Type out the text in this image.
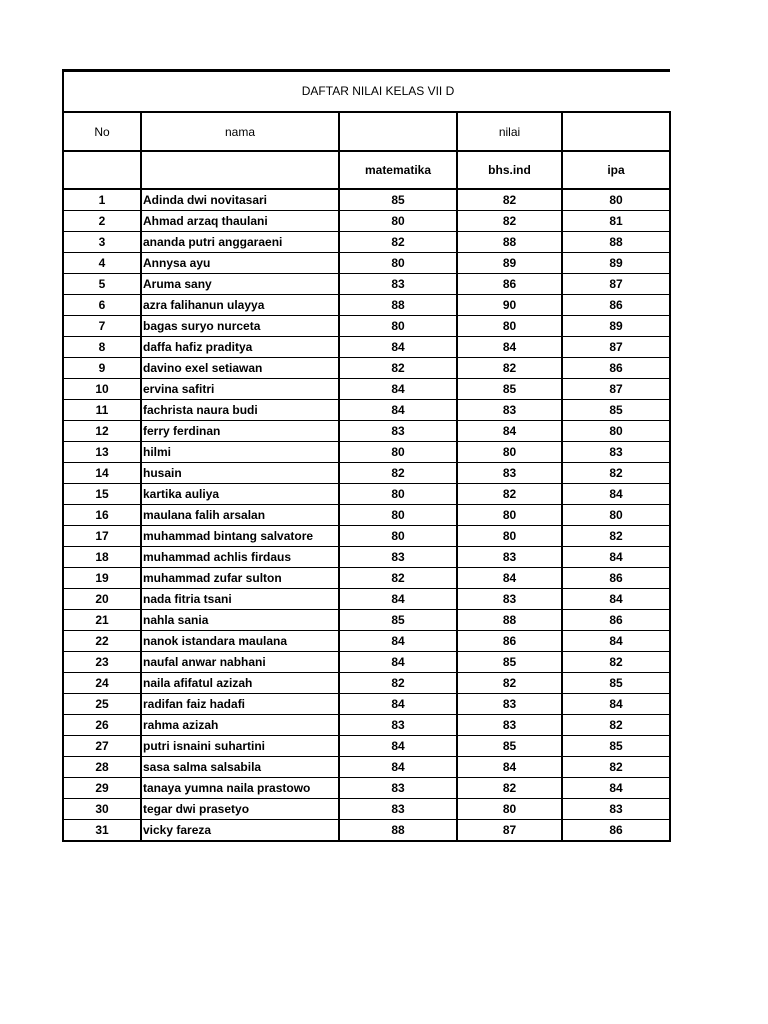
DAFTAR NILAI KELAS VII D				
No	nama		nilai	
		matematika	bhs.ind	ipa
1	Adinda dwi novitasari	85	82	80
2	Ahmad arzaq thaulani	80	82	81
3	ananda putri anggaraeni	82	88	88
4	Annysa ayu	80	89	89
5	Aruma sany	83	86	87
6	azra falihanun ulayya	88	90	86
7	bagas suryo nurceta	80	80	89
8	daffa hafiz praditya	84	84	87
9	davino exel setiawan	82	82	86
10	ervina safitri	84	85	87
11	fachrista naura budi	84	83	85
12	ferry ferdinan	83	84	80
13	hilmi	80	80	83
14	husain	82	83	82
15	kartika auliya	80	82	84
16	maulana falih arsalan	80	80	80
17	muhammad bintang salvatore	80	80	82
18	muhammad achlis firdaus	83	83	84
19	muhammad zufar sulton	82	84	86
20	nada fitria tsani	84	83	84
21	nahla sania	85	88	86
22	nanok istandara maulana	84	86	84
23	naufal anwar nabhani	84	85	82
24	naila afifatul azizah	82	82	85
25	radifan faiz hadafi	84	83	84
26	rahma azizah	83	83	82
27	putri isnaini suhartini	84	85	85
28	sasa salma salsabila	84	84	82
29	tanaya yumna naila prastowo	83	82	84
30	tegar dwi prasetyo	83	80	83
31	vicky fareza	88	87	86
